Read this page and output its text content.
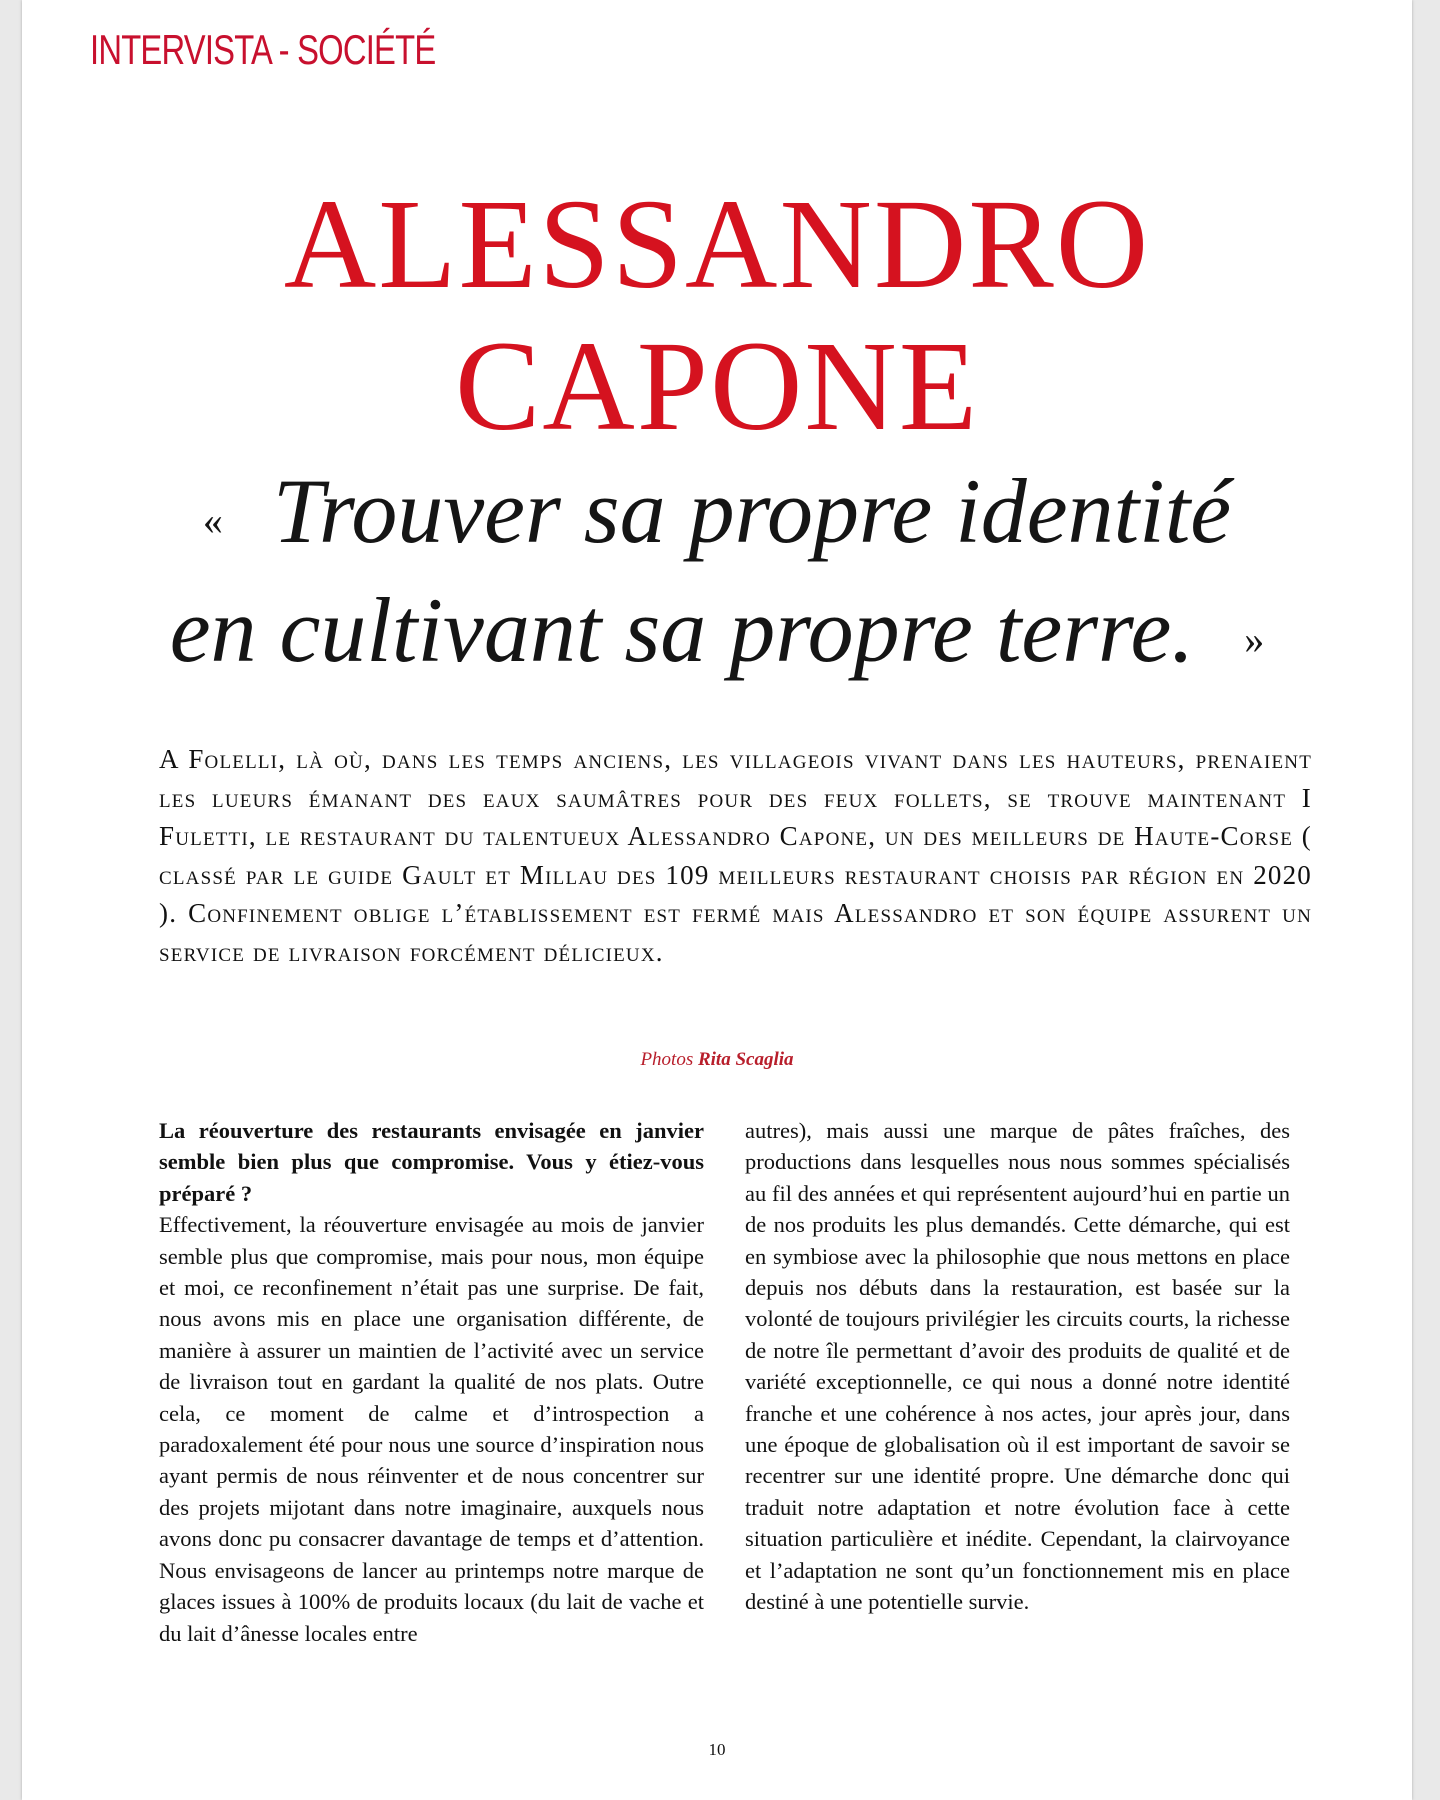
INTERVISTA - SOCIÉTÉ
ALESSANDRO
CAPONE
« Trouver sa propre identité
en cultivant sa propre terre. »
A Folelli, là où, dans les temps anciens, les villageois vivant dans les hauteurs, prenaient les lueurs émanant des eaux saumâtres pour des feux follets, se trouve maintenant I Fuletti, le restaurant du talentueux Alessandro Capone, un des meilleurs de Haute-Corse ( classé par le guide Gault et Millau des 109 meilleurs restaurant choisis par région en 2020 ). Confinement oblige l’établissement est fermé mais Alessandro et son équipe assurent un service de livraison forcément délicieux.
Photos Rita Scaglia
La réouverture des restaurants envisagée en janvier semble bien plus que compromise. Vous y étiez-vous préparé ?
Effectivement, la réouverture envisagée au mois de janvier semble plus que compromise, mais pour nous, mon équipe et moi, ce reconfinement n’était pas une surprise. De fait, nous avons mis en place une organisation différente, de manière à assurer un maintien de l’activité avec un service de livraison tout en gardant la qualité de nos plats. Outre cela, ce moment de calme et d’introspection a paradoxalement été pour nous une source d’inspiration nous ayant permis de nous réinventer et de nous concentrer sur des projets mijotant dans notre imaginaire, auxquels nous avons donc pu consacrer davantage de temps et d’attention. Nous envisageons de lancer au printemps notre marque de glaces issues à 100% de produits locaux (du lait de vache et du lait d’ânesse locales entre
autres), mais aussi une marque de pâtes fraîches, des productions dans lesquelles nous nous sommes spécialisés au fil des années et qui représentent aujourd’hui en partie un de nos produits les plus demandés. Cette démarche, qui est en symbiose avec la philosophie que nous mettons en place depuis nos débuts dans la restauration, est basée sur la volonté de toujours privilégier les circuits courts, la richesse de notre île permettant d’avoir des produits de qualité et de variété exceptionnelle, ce qui nous a donné notre identité franche et une cohérence à nos actes, jour après jour, dans une époque de globalisation où il est important de savoir se recentrer sur une identité propre. Une démarche donc qui traduit notre adaptation et notre évolution face à cette situation particulière et inédite. Cependant, la clairvoyance et l’adaptation ne sont qu’un fonctionnement mis en place destiné à une potentielle survie.
10
